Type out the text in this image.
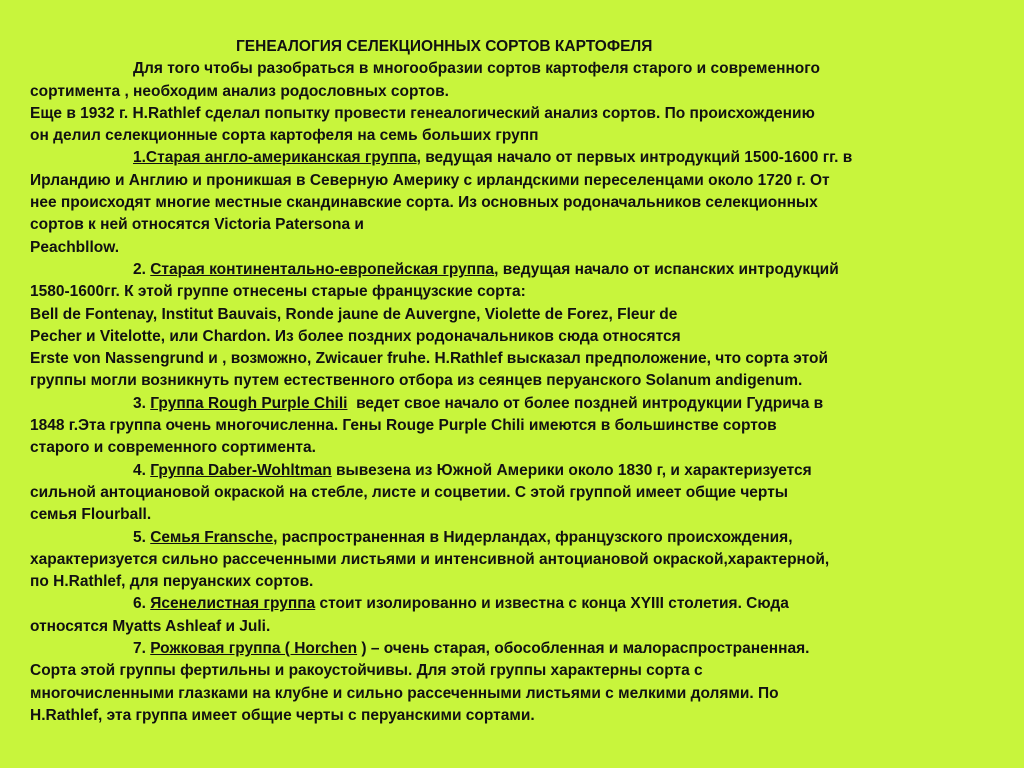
ГЕНЕАЛОГИЯ СЕЛЕКЦИОННЫХ СОРТОВ КАРТОФЕЛЯ

Для того чтобы разобраться в многообразии сортов картофеля старого и современного
сортимента , необходим анализ родословных сортов.
Еще в 1932 г. H.Rathlef сделал попытку провести генеалогический анализ сортов. По происхождению
он делил селекционные сорта картофеля на семь больших групп
1.Старая англо-американская группа, ведущая начало от первых интродукций 1500-1600 гг. в
Ирландию и Англию и проникшая в Северную Америку с ирландскими переселенцами около 1720 г. От
нее происходят многие местные скандинавские сорта. Из основных родоначальников селекционных
сортов к ней относятся Victoria Patersona и
Peachbllow.
2. Старая континентально-европейская группа, ведущая начало от испанских интродукций
1580-1600гг. К этой группе отнесены старые французские сорта:
Bell de Fontenay, Institut Bauvais, Ronde jaune de Auvergne, Violette de Forez, Fleur de
Pecher и Vitelotte, или Chardon. Из более поздних родоначальников сюда относятся
Erste von Nassengrund и , возможно, Zwicauer fruhe. H.Rathlef высказал предположение, что сорта этой
группы могли возникнуть путем естественного отбора из сеянцев перуанского Solanum andigenum.
3. Группа Rough Purple Chili  ведет свое начало от более поздней интродукции Гудрича в
1848 г.Эта группа очень многочисленна. Гены Rouge Purple Chili имеются в большинстве сортов
старого и современного сортимента.
4. Группа Daber-Wohltman вывезена из Южной Америки около 1830 г, и характеризуется
сильной антоциановой окраской на стебле, листе и соцветии. С этой группой имеет общие черты
семья Flourball.
5. Семья Fransche, распространенная в Нидерландах, французского происхождения,
характеризуется сильно рассеченными листьями и интенсивной антоциановой окраской,характерной,
по H.Rathlef, для перуанских сортов.
6. Ясенелистная группа стоит изолированно и известна с конца XYIII столетия. Сюда
относятся Myatts Ashleaf и Juli.
7. Рожковая группа ( Horchen ) – очень старая, обособленная и малораспространенная.
Сорта этой группы фертильны и ракоустойчивы. Для этой группы характерны сорта с
многочисленными глазками на клубне и сильно рассеченными листьями с мелкими долями. По
H.Rathlef, эта группа имеет общие черты с перуанскими сортами.
